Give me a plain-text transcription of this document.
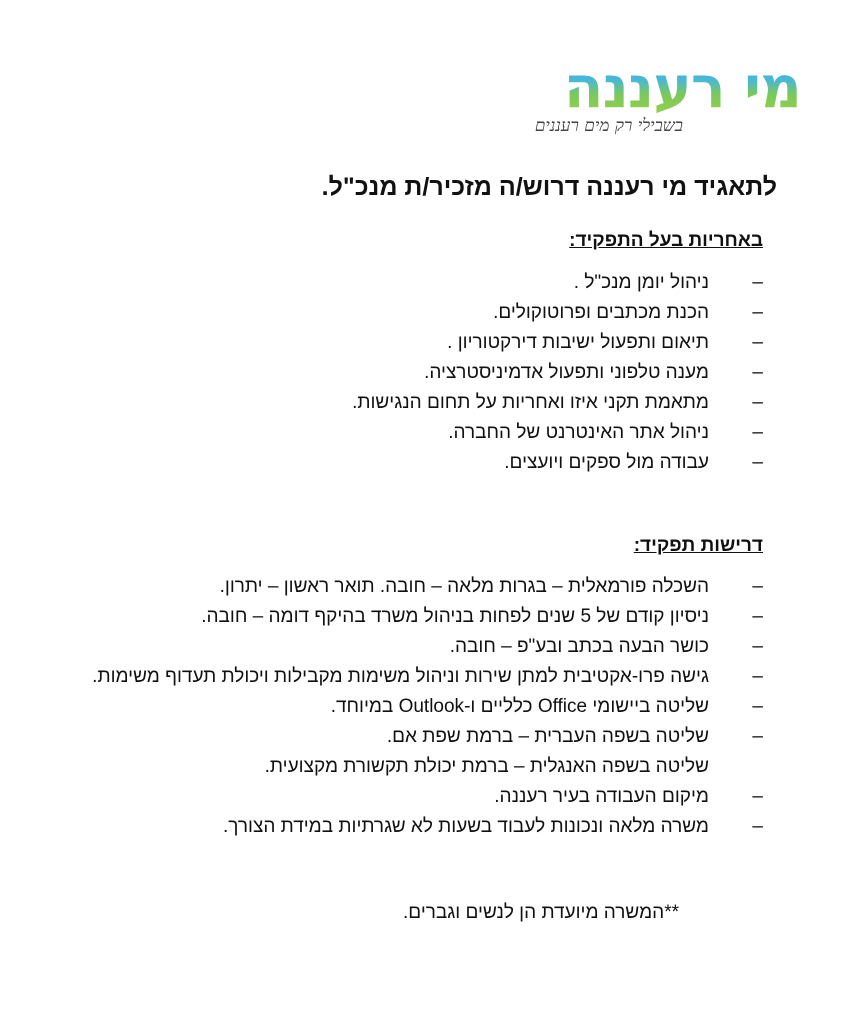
מי רעננה
בשבילי רק מים רעננים
לתאגיד מי רעננה דרוש/ה מזכיר/ת מנכ"ל.
באחריות בעל התפקיד:
–
ניהול יומן מנכ"ל .
–
הכנת מכתבים ופרוטוקולים.
–
תיאום ותפעול ישיבות דירקטוריון .
–
מענה טלפוני ותפעול אדמיניסטרציה.
–
מתאמת תקני איזו ואחריות על תחום הנגישות.
–
ניהול אתר האינטרנט של החברה.
–
עבודה מול ספקים ויועצים.
דרישות תפקיד:
–
השכלה פורמאלית – בגרות מלאה – חובה. תואר ראשון – יתרון.
–
ניסיון קודם של 5 שנים לפחות בניהול משרד בהיקף דומה – חובה.
–
כושר הבעה בכתב ובע"פ – חובה.
–
גישה פרו-אקטיבית למתן שירות וניהול משימות מקבילות ויכולת תעדוף משימות.
–
שליטה ביישומי Office כלליים ו-Outlook במיוחד.
–
שליטה בשפה העברית – ברמת שפת אם.
שליטה בשפה האנגלית – ברמת יכולת תקשורת מקצועית.
–
מיקום העבודה בעיר רעננה.
–
משרה מלאה ונכונות לעבוד בשעות לא שגרתיות במידת הצורך.
**המשרה מיועדת הן לנשים וגברים.
